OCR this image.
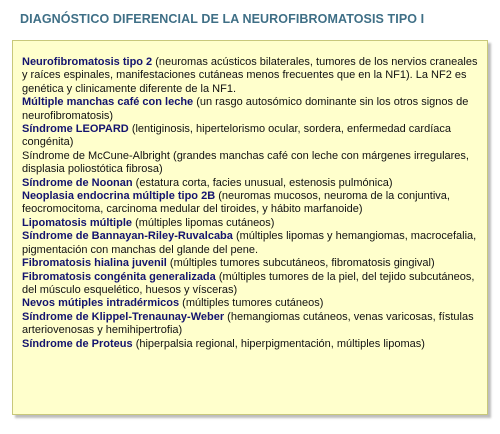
DIAGNÓSTICO DIFERENCIAL DE LA NEUROFIBROMATOSIS TIPO I
Neurofibromatosis tipo 2 (neuromas acústicos bilaterales, tumores de los nervios craneales y raíces espinales, manifestaciones cutáneas menos frecuentes que en la NF1). La NF2 es genética y clinicamente diferente de la NF1.
Múltiple manchas café con leche (un rasgo autosómico dominante sin los otros signos de neurofibromatosis)
Síndrome LEOPARD (lentiginosis, hipertelorismo ocular, sordera, enfermedad cardíaca congénita)
Síndrome de McCune-Albright (grandes manchas café con leche con márgenes irregulares, displasia poliostótica fibrosa)
Síndrome de Noonan (estatura corta, facies unusual, estenosis pulmónica)
Neoplasia endocrina múltiple tipo 2B (neuromas mucosos, neuroma de la conjuntiva, feocromocitoma, carcinoma medular del tiroides, y hábito marfanoide)
Lipomatosis múltiple (múltiples lipomas cutáneos)
Síndrome de Bannayan-Riley-Ruvalcaba (múltiples lipomas y hemangiomas, macrocefalia, pigmentación con manchas del glande del pene.
Fibromatosis hialina juvenil (múltiples tumores subcutáneos, fibromatosis gingival)
Fibromatosis congénita generalizada (múltiples tumores de la piel, del tejido subcutáneos, del músculo esquelético, huesos y vísceras)
Nevos mútiples intradérmicos (múltiples tumores cutáneos)
Síndrome de Klippel-Trenaunay-Weber (hemangiomas cutáneos, venas varicosas, fístulas arteriovenosas y hemihipertrofia)
Síndrome de Proteus (hiperpalsia regional, hiperpigmentación, múltiples lipomas)
